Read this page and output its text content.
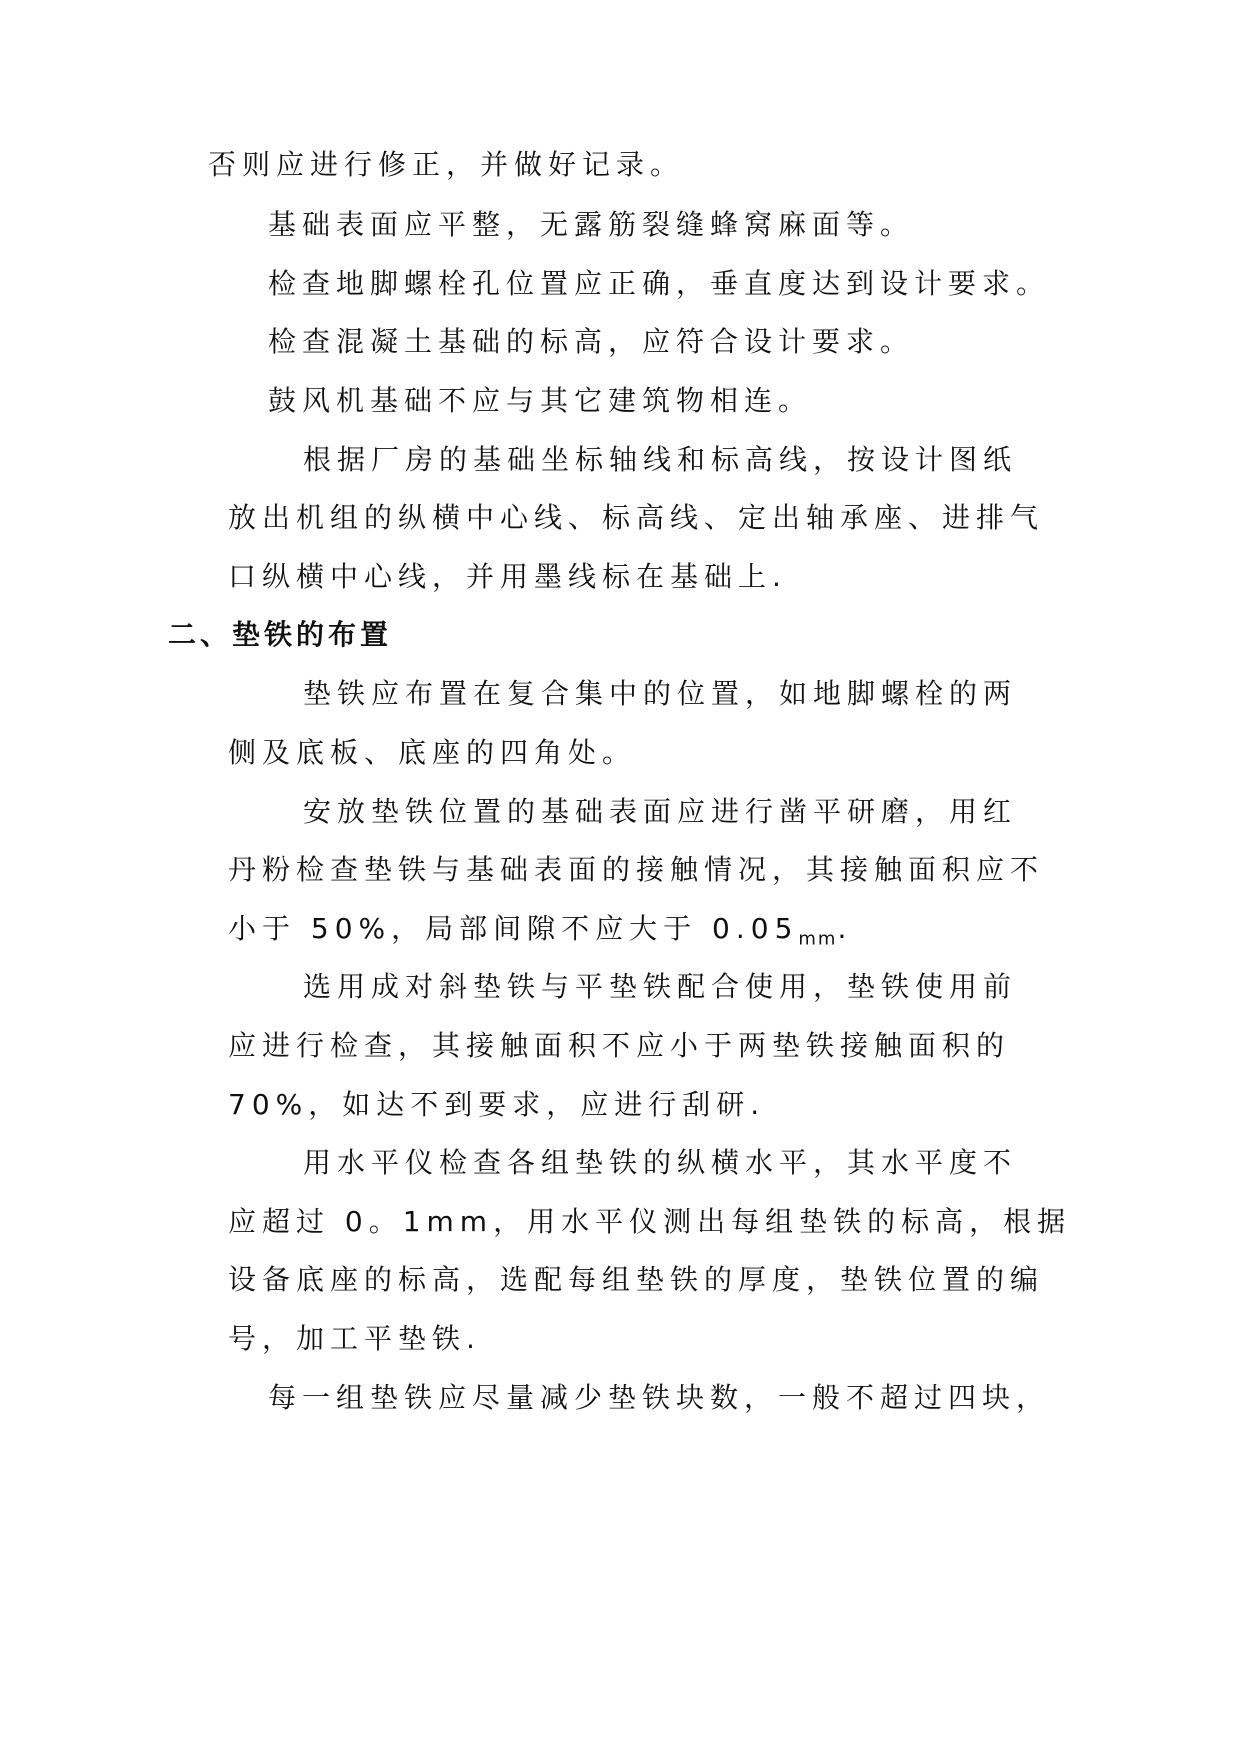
否则应进行修正，并做好记录。
基础表面应平整，无露筋裂缝蜂窝麻面等。
检查地脚螺栓孔位置应正确，垂直度达到设计要求。
检查混凝土基础的标高，应符合设计要求。
鼓风机基础不应与其它建筑物相连。
根据厂房的基础坐标轴线和标高线，按设计图纸
放出机组的纵横中心线、标高线、定出轴承座、进排气
口纵横中心线，并用墨线标在基础上.
二、垫铁的布置
垫铁应布置在复合集中的位置，如地脚螺栓的两
侧及底板、底座的四角处。
安放垫铁位置的基础表面应进行凿平研磨，用红
丹粉检查垫铁与基础表面的接触情况，其接触面积应不
小于 50%，局部间隙不应大于 $0.05_{mm}$.
选用成对斜垫铁与平垫铁配合使用，垫铁使用前
应进行检查，其接触面积不应小于两垫铁接触面积的
70%，如达不到要求，应进行刮研.
用水平仪检查各组垫铁的纵横水平，其水平度不
应超过 0。1mm，用水平仪测出每组垫铁的标高，根据
设备底座的标高，选配每组垫铁的厚度，垫铁位置的编
号，加工平垫铁.
每一组垫铁应尽量减少垫铁块数，一般不超过四块，
